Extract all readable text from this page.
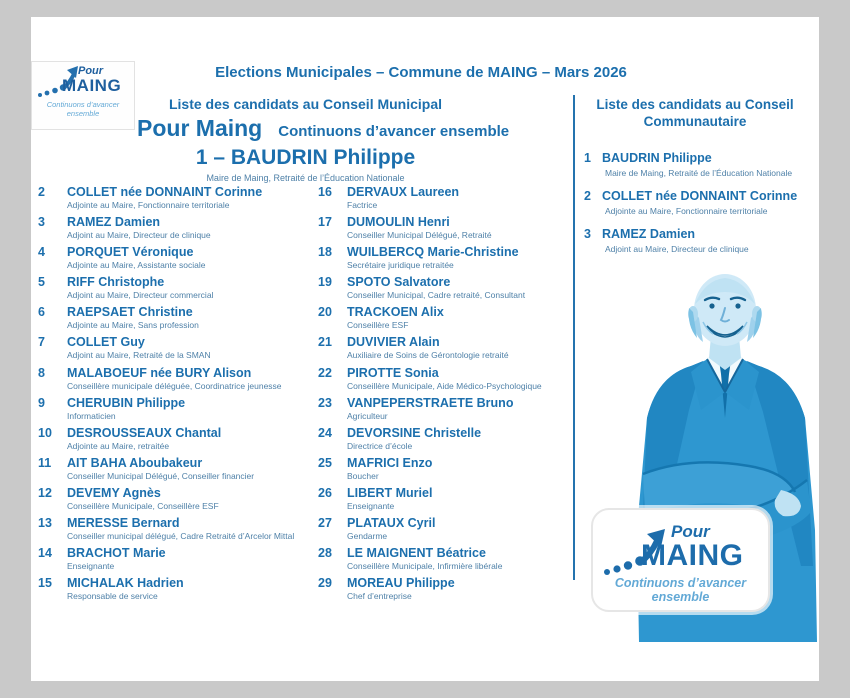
Pour
MAING
Continuons d’avancer
ensemble
Elections Municipales – Commune de MAING – Mars 2026
Liste des candidats au Conseil Municipal
Pour Maing Continuons d’avancer ensemble
1 – BAUDRIN Philippe
Maire de Maing, Retraité de l’Éducation Nationale
2	COLLET née DONNAINT Corinne
Adjointe au Maire, Fonctionnaire territoriale
3	RAMEZ Damien
Adjoint au Maire, Directeur de clinique
4	PORQUET Véronique
Adjointe au Maire, Assistante sociale
5	RIFF Christophe
Adjoint au Maire, Directeur commercial
6	RAEPSAET Christine
Adjointe au Maire, Sans profession
7	COLLET Guy
Adjoint au Maire, Retraité de la SMAN
8	MALABOEUF née BURY Alison
Conseillère municipale déléguée, Coordinatrice jeunesse
9	CHERUBIN Philippe
Informaticien
10	DESROUSSEAUX Chantal
Adjointe au Maire, retraitée
11	AIT BAHA Aboubakeur
Conseiller Municipal Délégué, Conseiller financier
12	DEVEMY Agnès
Conseillère Municipale, Conseillère ESF
13	MERESSE Bernard
Conseiller municipal délégué, Cadre Retraité d’Arcelor Mittal
14	BRACHOT Marie
Enseignante
15	MICHALAK Hadrien
Responsable de service
16	DERVAUX Laureen
Factrice
17	DUMOULIN Henri
Conseiller Municipal Délégué, Retraité
18	WUILBERCQ Marie-Christine
Secrétaire juridique retraitée
19	SPOTO Salvatore
Conseiller Municipal, Cadre retraité, Consultant
20	TRACKOEN Alix
Conseillère ESF
21	DUVIVIER Alain
Auxiliaire de Soins de Gérontologie retraité
22	PIROTTE Sonia
Conseillère Municipale, Aide Médico-Psychologique
23	VANPEPERSTRAETE Bruno
Agriculteur
24	DEVORSINE Christelle
Directrice d’école
25	MAFRICI Enzo
Boucher
26	LIBERT Muriel
Enseignante
27	PLATAUX Cyril
Gendarme
28	LE MAIGNENT Béatrice
Conseillère Municipale, Infirmière libérale
29	MOREAU Philippe
Chef d’entreprise
Liste des candidats au Conseil Communautaire
1 BAUDRIN Philippe
Maire de Maing, Retraité de l’Éducation Nationale
2 COLLET née DONNAINT Corinne
Adjointe au Maire, Fonctionnaire territoriale
3 RAMEZ Damien
Adjoint au Maire, Directeur de clinique
Pour
MAING
Continuons d’avancer
ensemble
